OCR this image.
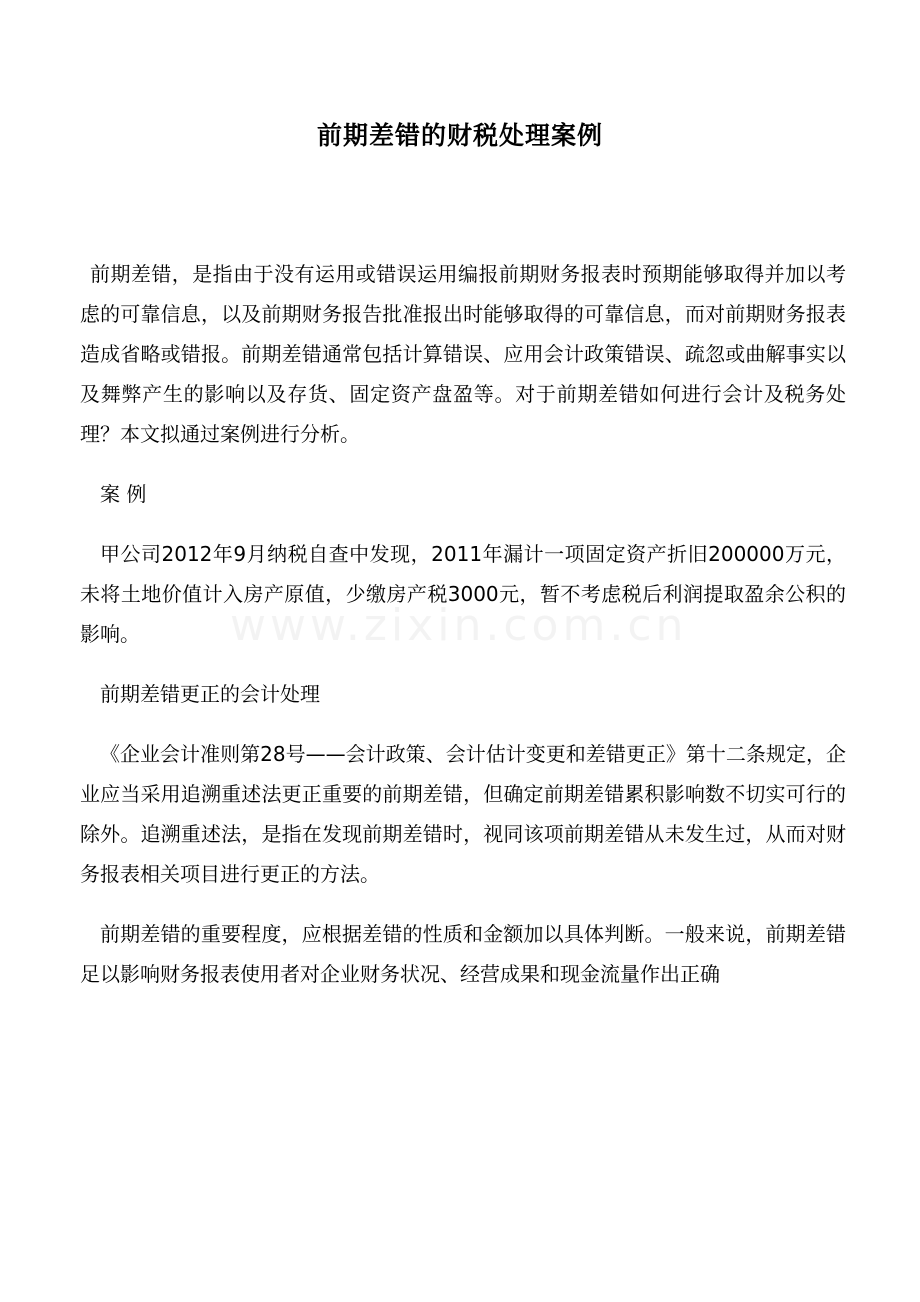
www.zixin.com.cn
前期差错的财税处理案例

前期差错，是指由于没有运用或错误运用编报前期财务报表时预期能够取得并加以考虑的可靠信息，以及前期财务报告批准报出时能够取得的可靠信息，而对前期财务报表造成省略或错报。前期差错通常包括计算错误、应用会计政策错误、疏忽或曲解事实以及舞弊产生的影响以及存货、固定资产盘盈等。对于前期差错如何进行会计及税务处理？本文拟通过案例进行分析。

案 例

甲公司2012年9月纳税自查中发现，2011年漏计一项固定资产折旧200000万元，未将土地价值计入房产原值，少缴房产税3000元，暂不考虑税后利润提取盈余公积的影响。

前期差错更正的会计处理

《企业会计准则第28号——会计政策、会计估计变更和差错更正》第十二条规定，企业应当采用追溯重述法更正重要的前期差错，但确定前期差错累积影响数不切实可行的除外。追溯重述法，是指在发现前期差错时，视同该项前期差错从未发生过，从而对财务报表相关项目进行更正的方法。

前期差错的重要程度，应根据差错的性质和金额加以具体判断。一般来说，前期差错足以影响财务报表使用者对企业财务状况、经营成果和现金流量作出正确
